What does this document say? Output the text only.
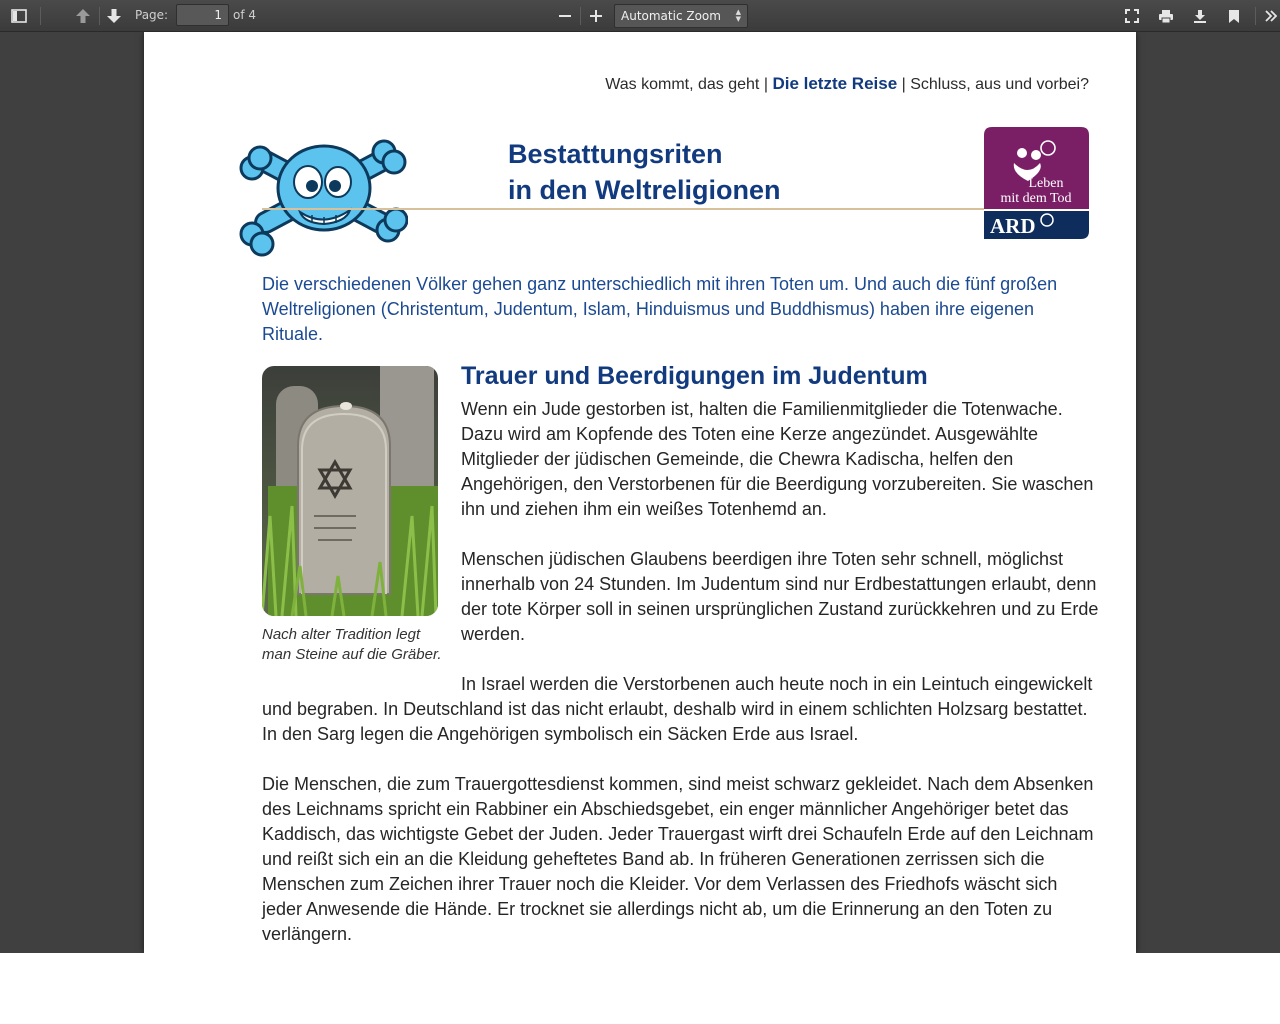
Page:
1	of 4	Automatic Zoom ▲
▼
Was kommt, das geht | Die letzte Reise | Schluss, aus und vorbei?
Bestattungsriten
in den Weltreligionen	Leben
mit dem Tod
ARD
Die verschiedenen Völker gehen ganz unterschiedlich mit ihren Toten um. Und auch die fünf großen Weltreligionen (Christentum, Judentum, Islam, Hinduismus und Buddhismus) haben ihre eigenen Rituale.
Nach alter Tradition legt man Steine auf die Gräber.
Trauer und Beerdigungen im Judentum
Wenn ein Jude gestorben ist, halten die Familienmitglieder die Totenwache. Dazu wird am Kopfende des Toten eine Kerze angezündet. Ausgewählte Mitglieder der jüdischen Gemeinde, die Chewra Kadischa, helfen den Angehörigen, den Verstorbenen für die Beerdigung vorzubereiten. Sie waschen ihn und ziehen ihm ein weißes Totenhemd an.
Menschen jüdischen Glaubens beerdigen ihre Toten sehr schnell, möglichst innerhalb von 24 Stunden. Im Judentum sind nur Erdbestattungen erlaubt, denn der tote Körper soll in seinen ursprünglichen Zustand zurückkehren und zu Erde werden.
In Israel werden die Verstorbenen auch heute noch in ein Leintuch eingewickelt und begraben. In Deutschland ist das nicht erlaubt, deshalb wird in einem schlichten Holzsarg bestattet. In den Sarg legen die Angehörigen symbolisch ein Säcken Erde aus Israel.
Die Menschen, die zum Trauergottesdienst kommen, sind meist schwarz gekleidet. Nach dem Absenken des Leichnams spricht ein Rabbiner ein Abschiedsgebet, ein enger männlicher Angehöriger betet das Kaddisch, das wichtigste Gebet der Juden. Jeder Trauergast wirft drei Schaufeln Erde auf den Leichnam und reißt sich ein an die Kleidung geheftetes Band ab. In früheren Generationen zerrissen sich die Menschen zum Zeichen ihrer Trauer noch die Kleider. Vor dem Verlassen des Friedhofs wäscht sich jeder Anwesende die Hände. Er trocknet sie allerdings nicht ab, um die Erinnerung an den Toten zu verlängern.
